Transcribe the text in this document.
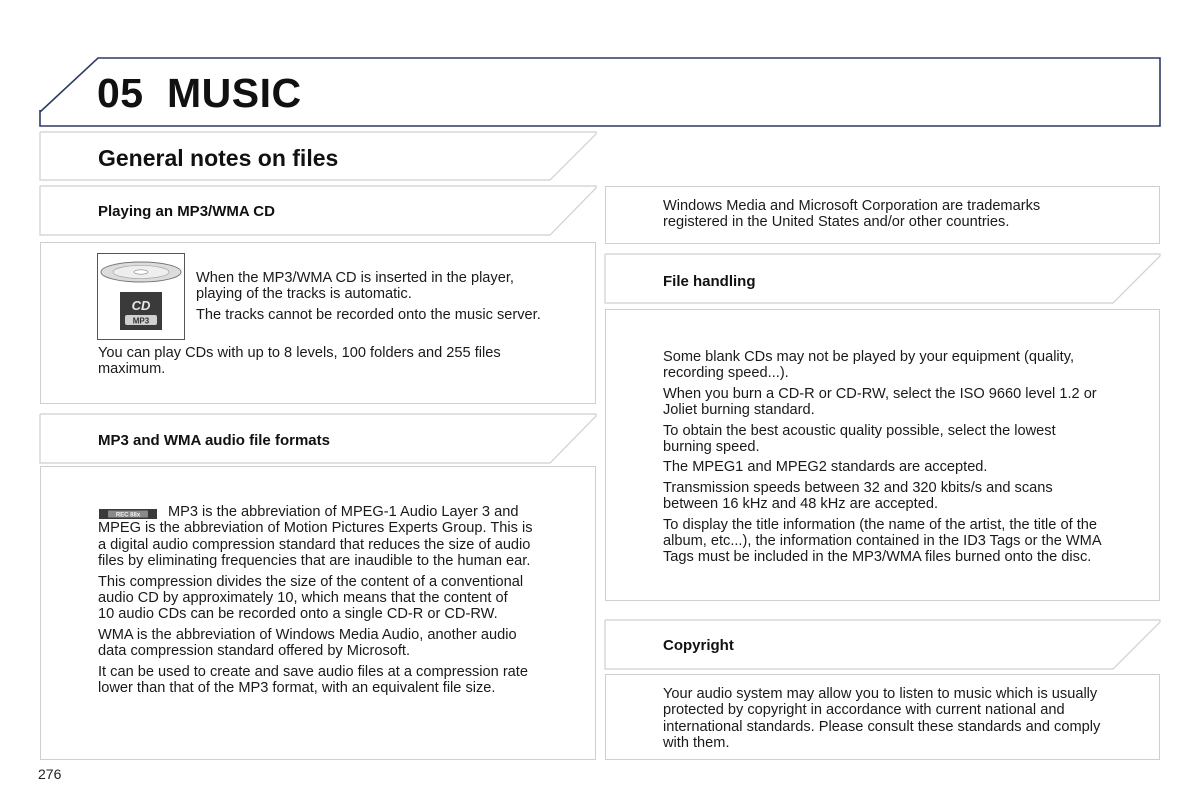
05 MUSIC
General notes on files
Playing an MP3/WMA CD
CD
MP3
When the MP3/WMA CD is inserted in the player,
playing of the tracks is automatic.
The tracks cannot be recorded onto the music server.
You can play CDs with up to 8 levels, 100 folders and 255 files
maximum.
MP3 and WMA audio file formats
REC 88x	MP3 is the abbreviation of MPEG-1 Audio Layer 3 and
MPEG is the abbreviation of Motion Pictures Experts Group. This is
a digital audio compression standard that reduces the size of audio
files by eliminating frequencies that are inaudible to the human ear.
This compression divides the size of the content of a conventional
audio CD by approximately 10, which means that the content of
10 audio CDs can be recorded onto a single CD-R or CD-RW.
WMA is the abbreviation of Windows Media Audio, another audio
data compression standard offered by Microsoft.
It can be used to create and save audio files at a compression rate
lower than that of the MP3 format, with an equivalent file size.
Windows Media and Microsoft Corporation are trademarks
registered in the United States and/or other countries.
File handling
Some blank CDs may not be played by your equipment (quality,
recording speed...).
When you burn a CD-R or CD-RW, select the ISO 9660 level 1.2 or
Joliet burning standard.
To obtain the best acoustic quality possible, select the lowest
burning speed.
The MPEG1 and MPEG2 standards are accepted.
Transmission speeds between 32 and 320 kbits/s and scans
between 16 kHz and 48 kHz are accepted.
To display the title information (the name of the artist, the title of the
album, etc...), the information contained in the ID3 Tags or the WMA
Tags must be included in the MP3/WMA files burned onto the disc.
Copyright
Your audio system may allow you to listen to music which is usually
protected by copyright in accordance with current national and
international standards. Please consult these standards and comply
with them.
276
